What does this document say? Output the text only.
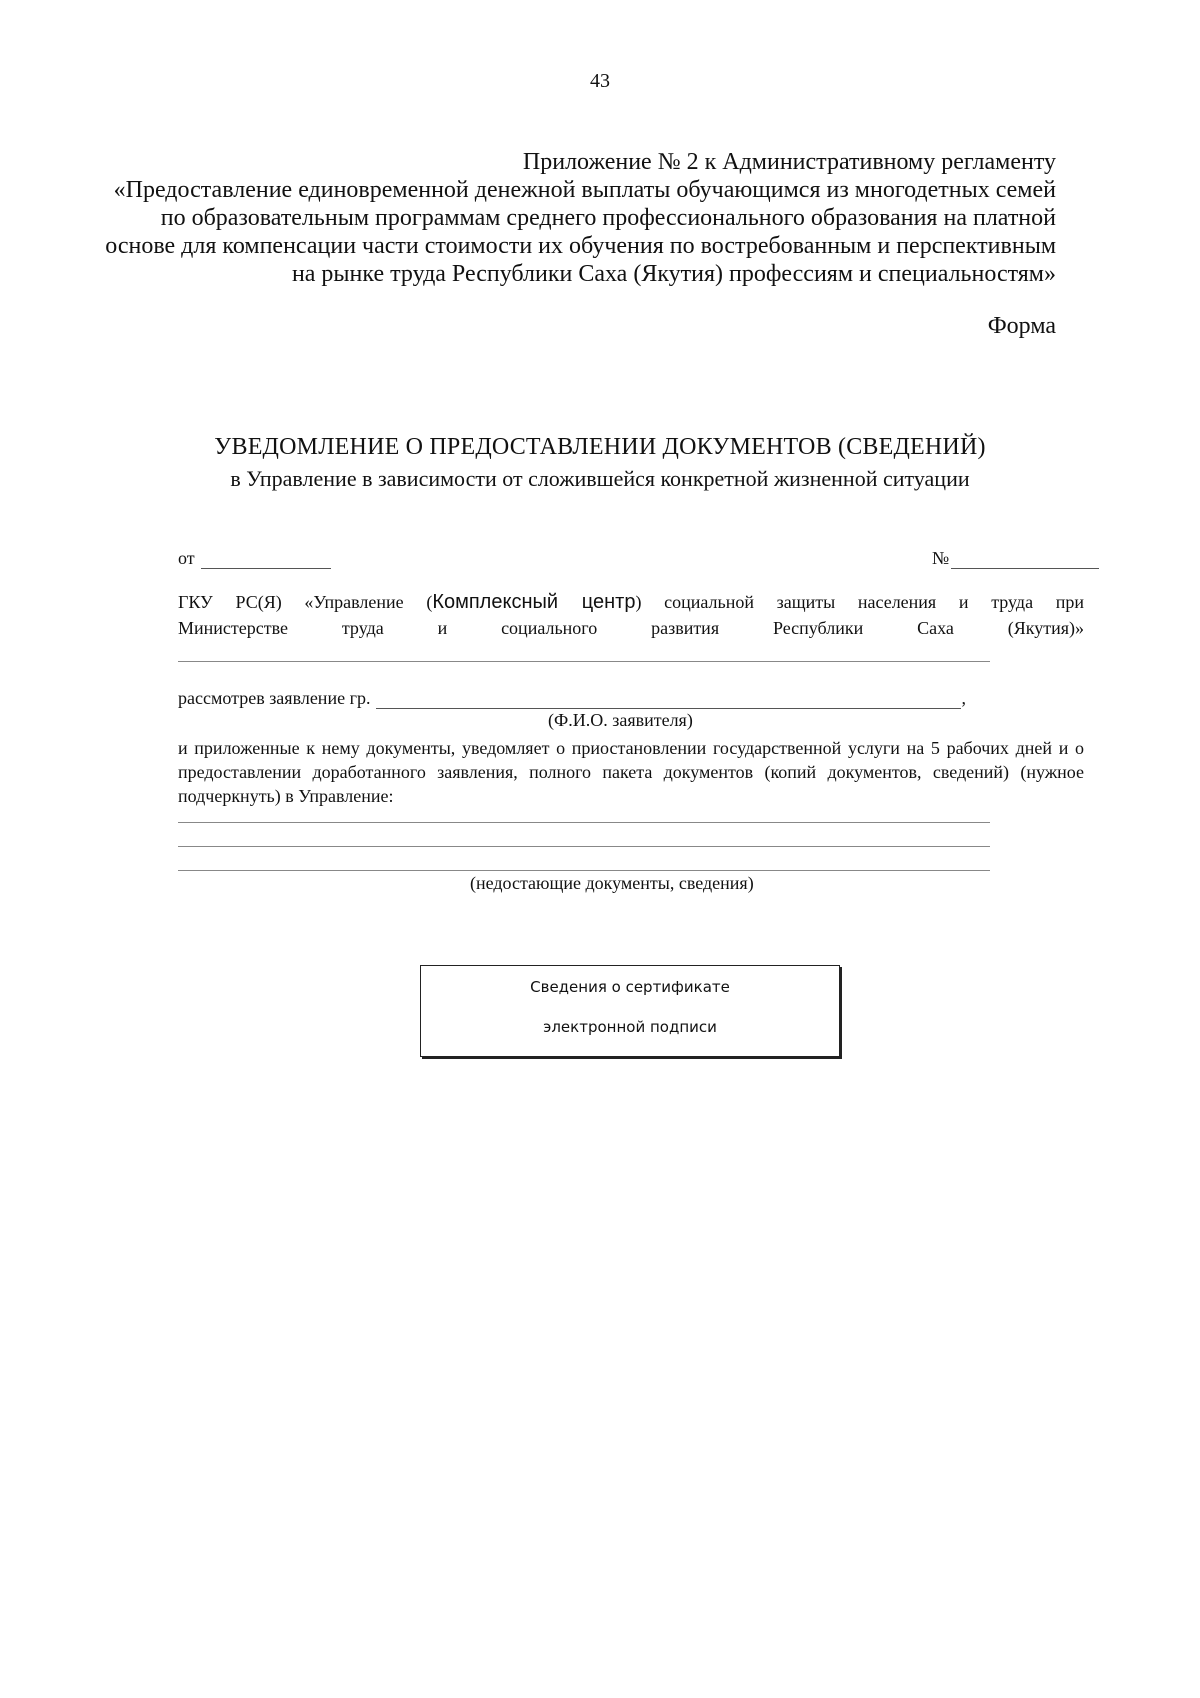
43
Приложение № 2 к Административному регламенту
«Предоставление единовременной денежной выплаты обучающимся из многодетных семей
по образовательным программам среднего профессионального образования на платной
основе для компенсации части стоимости их обучения по востребованным и перспективным
на рынке труда Республики Саха (Якутия) профессиям и специальностям»
Форма
УВЕДОМЛЕНИЕ О ПРЕДОСТАВЛЕНИИ ДОКУМЕНТОВ (СВЕДЕНИЙ)
в Управление в зависимости от сложившейся конкретной жизненной ситуации
от	№
ГКУ РС(Я) «Управление (Комплексный центр) социальной защиты населения и труда при
Министерстве труда и социального развития Республики Саха (Якутия)»
рассмотрев заявление гр.	,
(Ф.И.О. заявителя)
и приложенные к нему документы, уведомляет о приостановлении государственной услуги на 5 рабочих дней и о предоставлении доработанного заявления, полного пакета документов (копий документов, сведений) (нужное подчеркнуть) в Управление:
(недостающие документы, сведения)
Сведения о сертификате
электронной подписи
